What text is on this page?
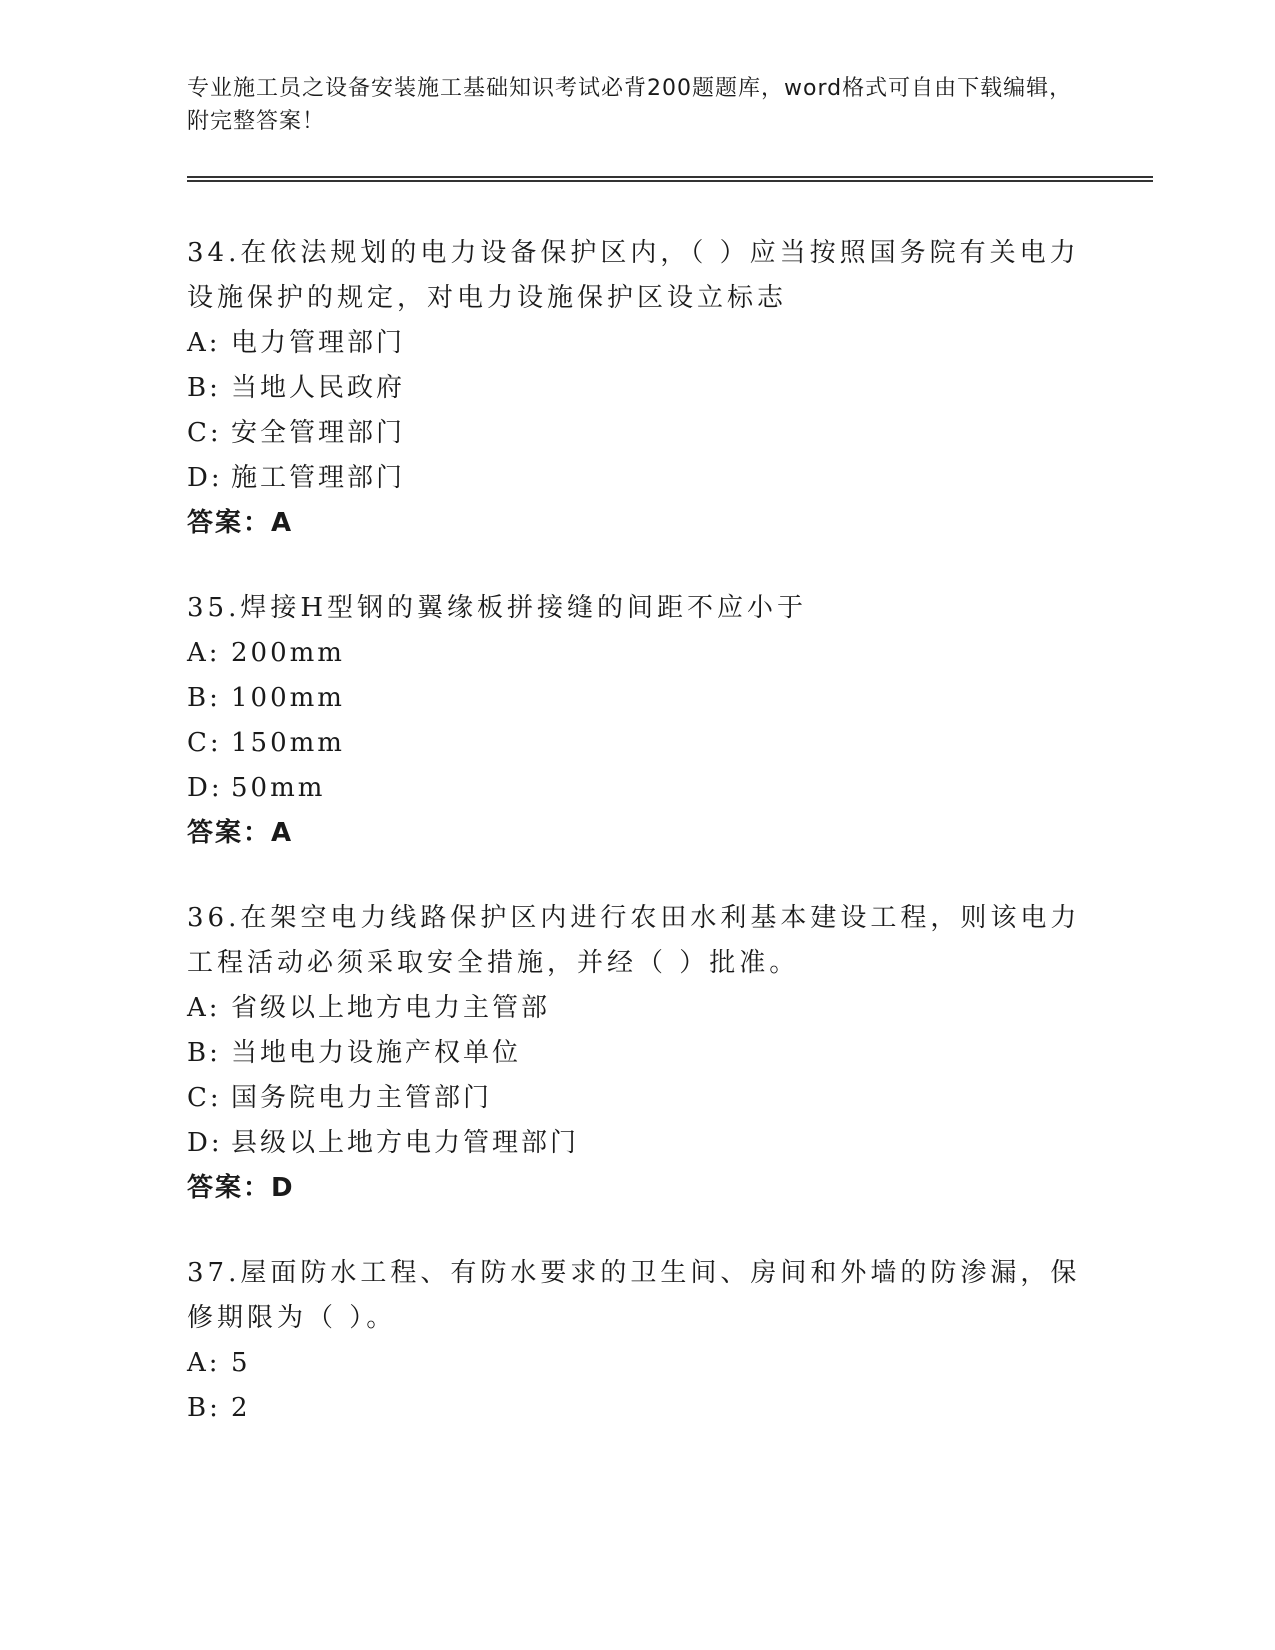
专业施工员之设备安装施工基础知识考试必背200题题库，word格式可自由下载编辑，附完整答案！
34.在依法规划的电力设备保护区内，（ ）应当按照国务院有关电力设施保护的规定，对电力设施保护区设立标志
A: 电力管理部门
B: 当地人民政府
C: 安全管理部门
D: 施工管理部门
答案：A
35.焊接H型钢的翼缘板拼接缝的间距不应小于
A: 200mm
B: 100mm
C: 150mm
D: 50mm
答案：A
36.在架空电力线路保护区内进行农田水利基本建设工程，则该电力工程活动必须采取安全措施，并经（ ）批准。
A: 省级以上地方电力主管部
B: 当地电力设施产权单位
C: 国务院电力主管部门
D: 县级以上地方电力管理部门
答案：D
37.屋面防水工程、有防水要求的卫生间、房间和外墙的防渗漏，保修期限为（ ）。
A: 5
B: 2
